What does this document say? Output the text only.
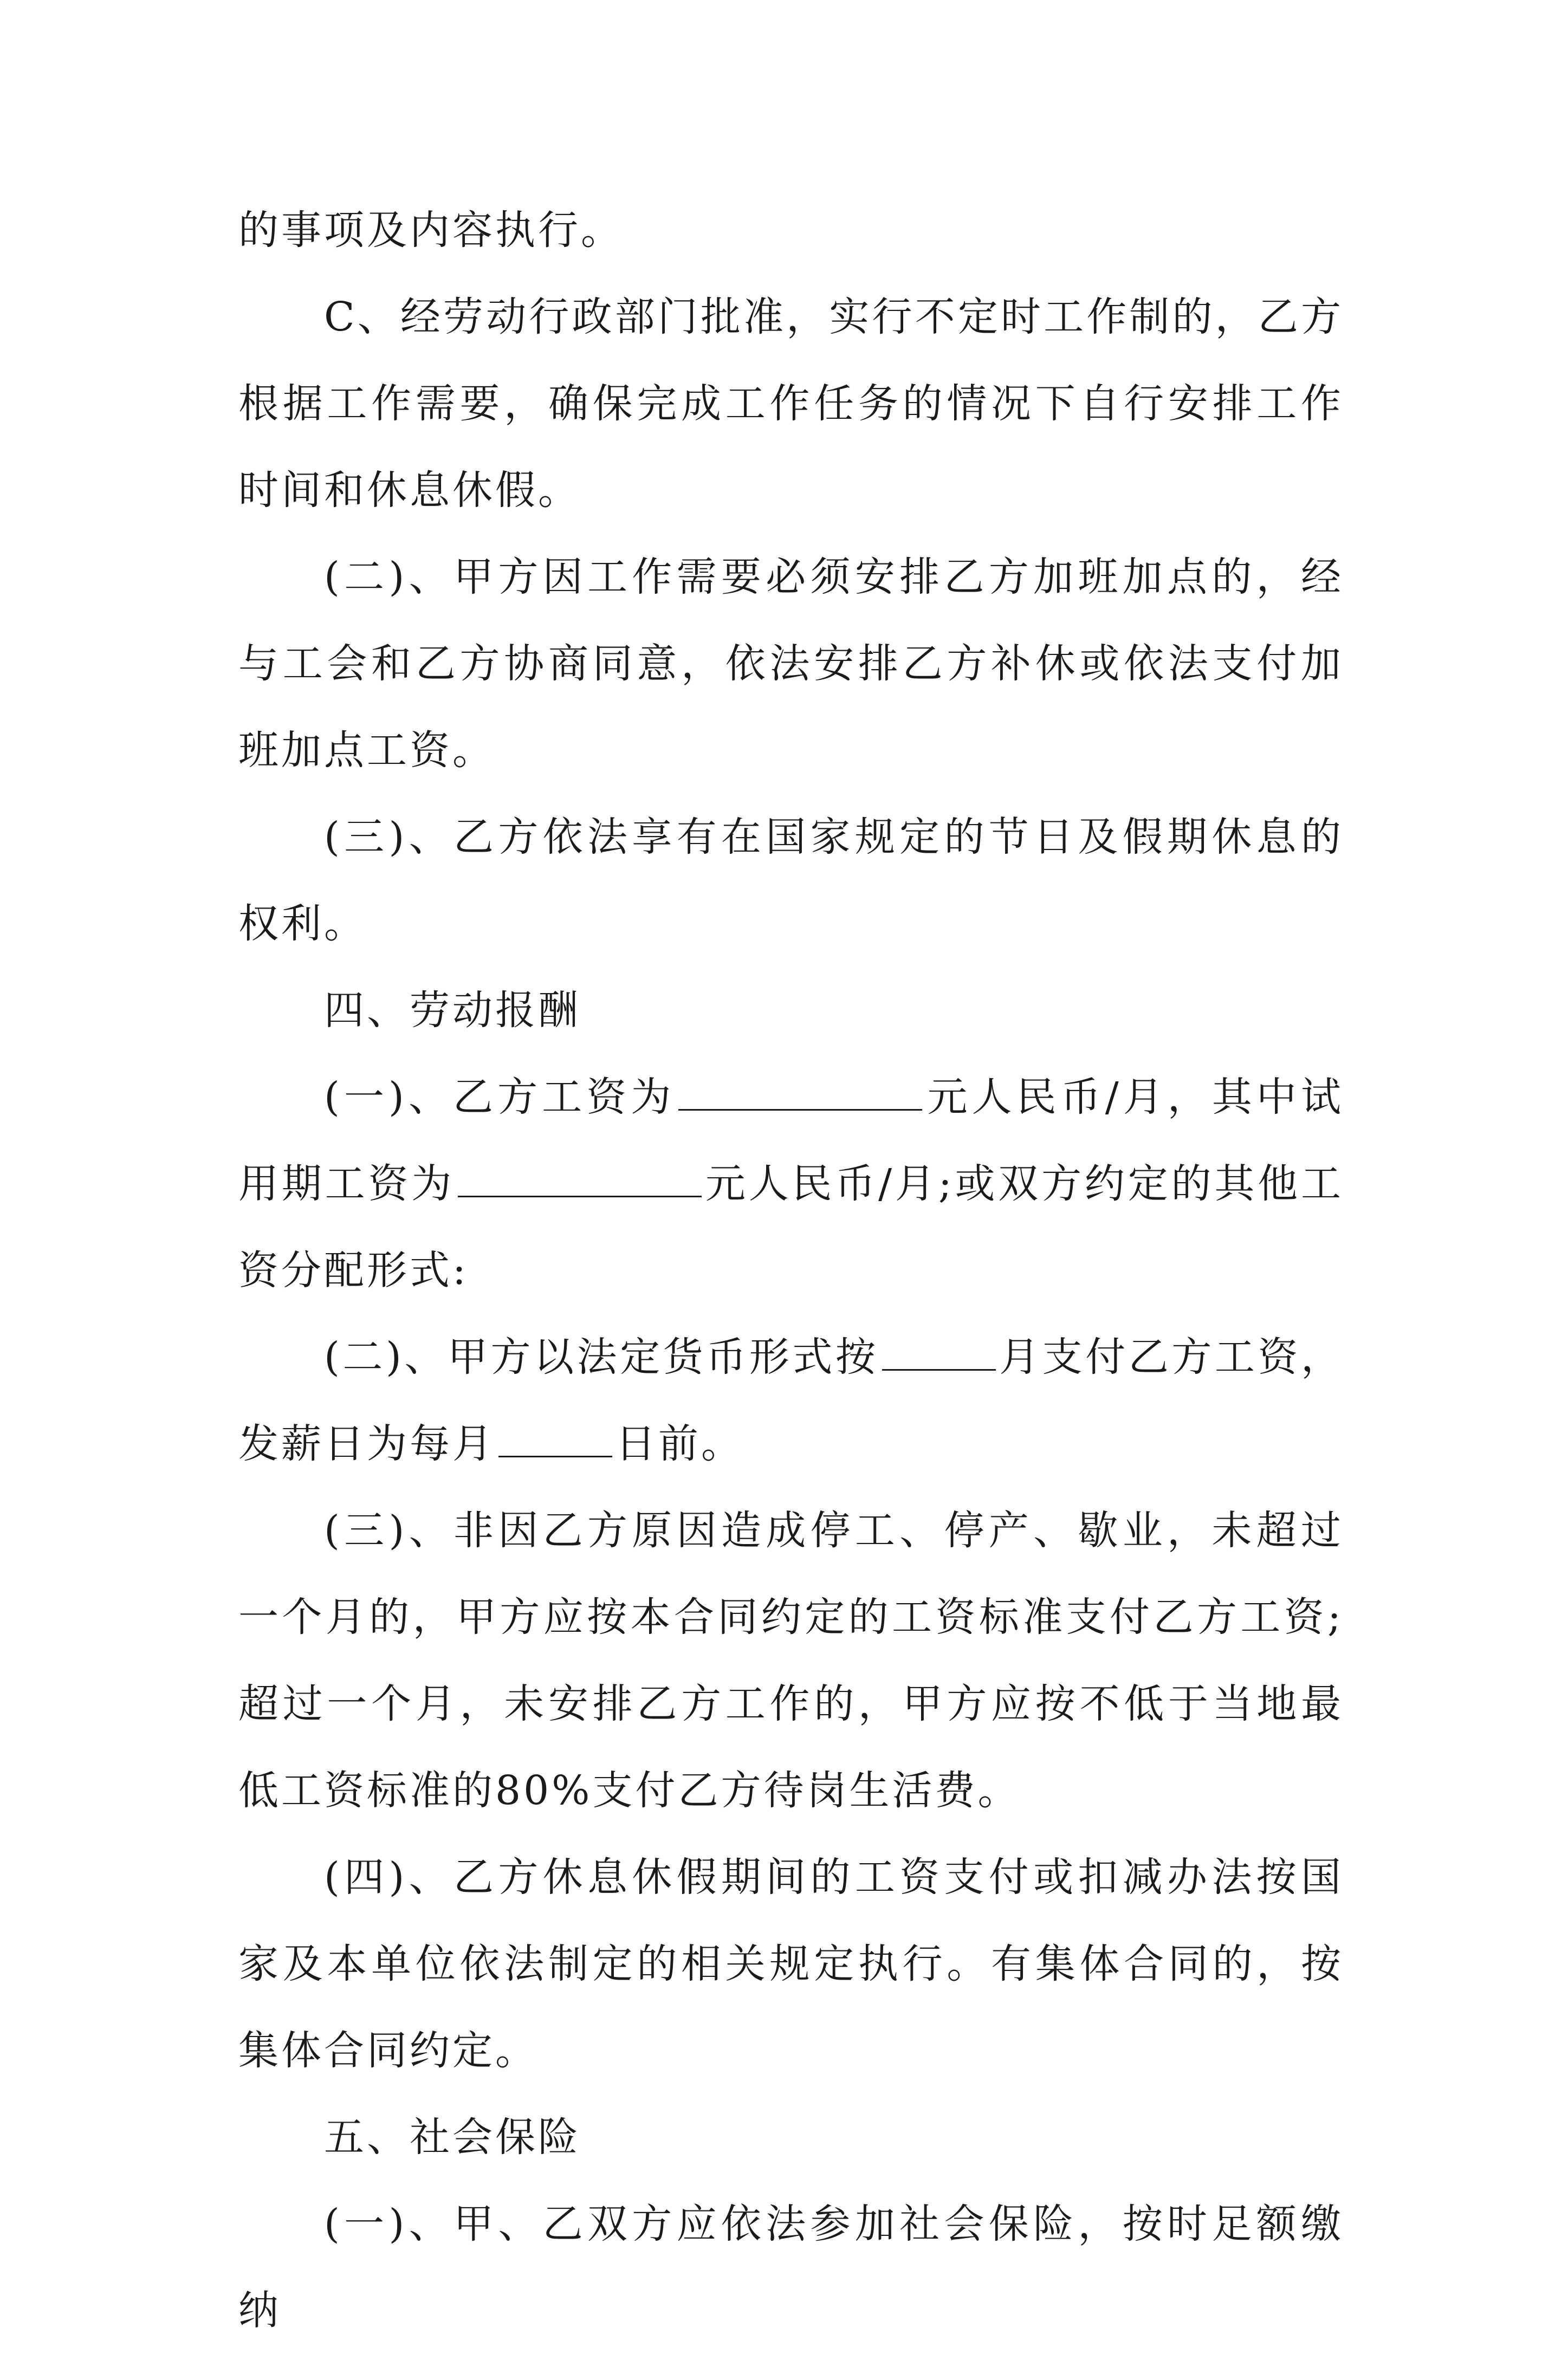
的事项及内容执行。

C、经劳动行政部门批准，实行不定时工作制的，乙方根据工作需要，确保完成工作任务的情况下自行安排工作时间和休息休假。

(二)、甲方因工作需要必须安排乙方加班加点的，经与工会和乙方协商同意，依法安排乙方补休或依法支付加班加点工资。

(三)、乙方依法享有在国家规定的节日及假期休息的权利。

四、劳动报酬

(一)、乙方工资为	元人民币/月，其中试用期工资为	元人民币/月;或双方约定的其他工资分配形式:

(二)、甲方以法定货币形式按	月支付乙方工资，发薪日为每月	日前。

(三)、非因乙方原因造成停工、停产、歇业，未超过一个月的，甲方应按本合同约定的工资标准支付乙方工资;超过一个月，未安排乙方工作的，甲方应按不低于当地最低工资标准的80%支付乙方待岗生活费。

(四)、乙方休息休假期间的工资支付或扣减办法按国家及本单位依法制定的相关规定执行。有集体合同的，按集体合同约定。

五、社会保险

(一)、甲、乙双方应依法参加社会保险，按时足额缴纳
